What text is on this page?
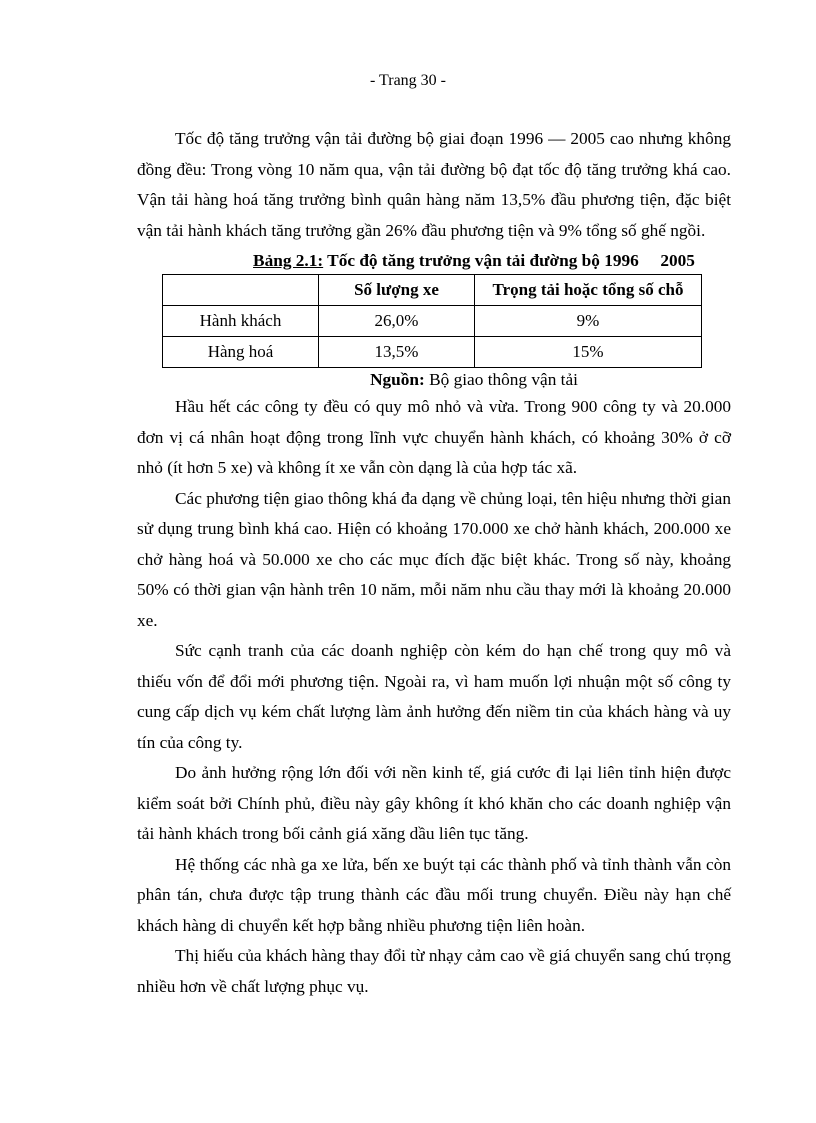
- Trang 30 -

Tốc độ tăng trưởng vận tải đường bộ giai đoạn 1996 — 2005 cao nhưng không đồng đều: Trong vòng 10 năm qua, vận tải đường bộ đạt tốc độ tăng trưởng khá cao. Vận tải hàng hoá tăng trưởng bình quân hàng năm 13,5% đầu phương tiện, đặc biệt vận tải hành khách tăng trưởng gần 26% đầu phương tiện và 9% tổng số ghế ngồi.

Bảng 2.1: Tốc độ tăng trưởng vận tải đường bộ 1996     2005

	Số lượng xe	Trọng tải hoặc tổng số chỗ
Hành khách	26,0%	9%
Hàng hoá	13,5%	15%

Nguồn: Bộ giao thông vận tải

Hầu hết các công ty đều có quy mô nhỏ và vừa. Trong 900 công ty và 20.000 đơn vị cá nhân hoạt động trong lĩnh vực chuyển hành khách, có khoảng 30% ở cỡ nhỏ (ít hơn 5 xe) và không ít xe vẫn còn dạng là của hợp tác xã.

Các phương tiện giao thông khá đa dạng về chủng loại, tên hiệu nhưng thời gian sử dụng trung bình khá cao. Hiện có khoảng 170.000 xe chở hành khách, 200.000 xe chở hàng hoá và 50.000 xe cho các mục đích đặc biệt khác. Trong số này, khoảng 50% có thời gian vận hành trên 10 năm, mỗi năm nhu cầu thay mới là khoảng 20.000 xe.

Sức cạnh tranh của các doanh nghiệp còn kém do hạn chế trong quy mô và thiếu vốn để đổi mới phương tiện. Ngoài ra, vì ham muốn lợi nhuận một số công ty cung cấp dịch vụ kém chất lượng làm ảnh hưởng đến niềm tin của khách hàng và uy tín của công ty.

Do ảnh hưởng rộng lớn đối với nền kinh tế, giá cước đi lại liên tỉnh hiện được kiểm soát bởi Chính phủ, điều này gây không ít khó khăn cho các doanh nghiệp vận tải hành khách trong bối cảnh giá xăng dầu liên tục tăng.

Hệ thống các nhà ga xe lửa, bến xe buýt tại các thành phố và tỉnh thành vẫn còn phân tán, chưa được tập trung thành các đầu mối trung chuyển. Điều này hạn chế khách hàng di chuyển kết hợp bằng nhiều phương tiện liên hoàn.

Thị hiếu của khách hàng thay đổi từ nhạy cảm cao về giá chuyển sang chú trọng nhiều hơn về chất lượng phục vụ.
